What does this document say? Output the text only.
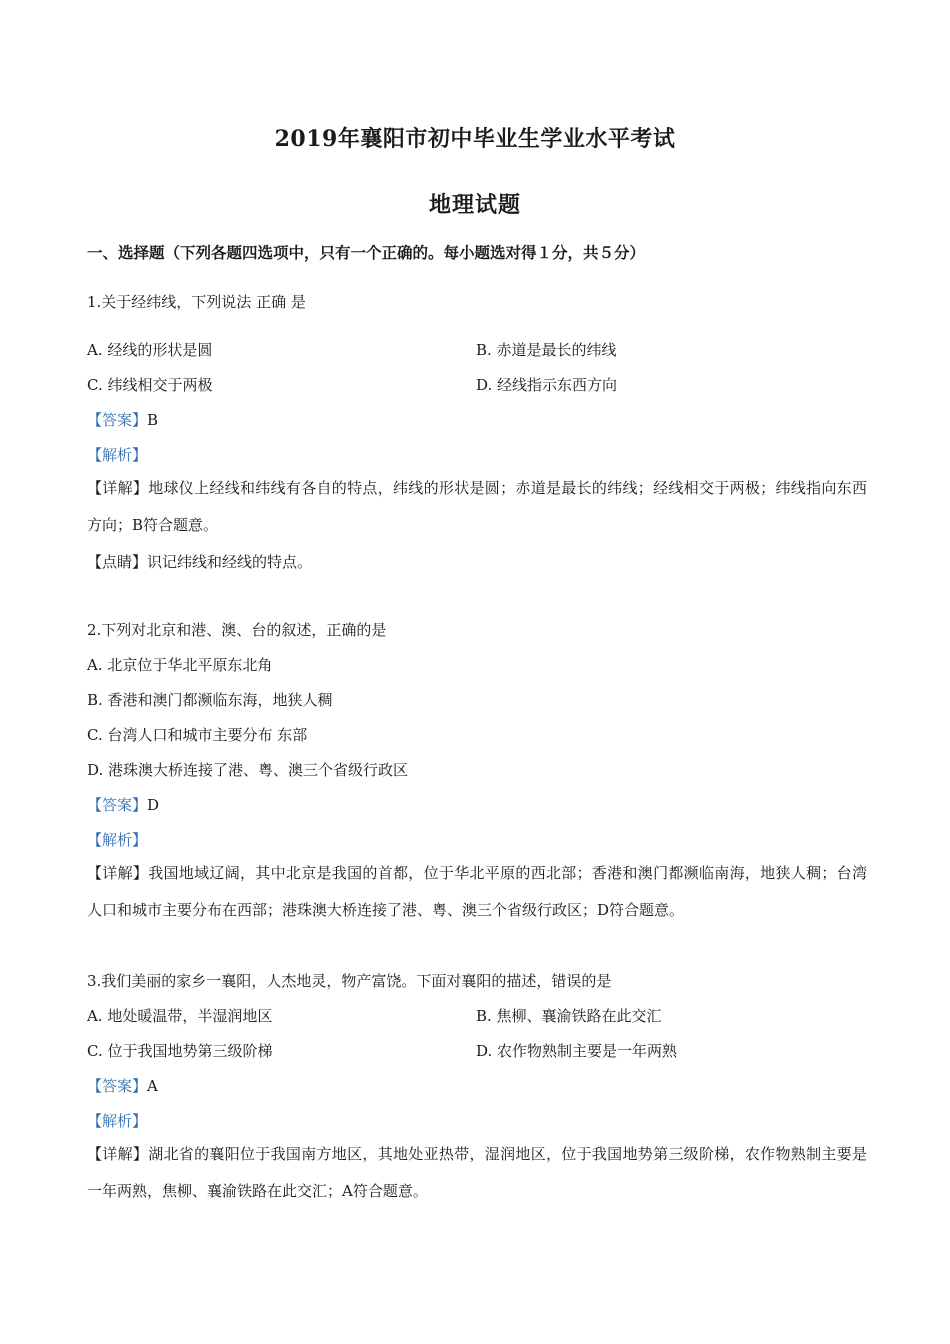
2019年襄阳市初中毕业生学业水平考试
地理试题
一、选择题（下列各题四选项中，只有一个正确的。每小题选对得１分，共５分）
1.关于经纬线，下列说法 正确 是
A. 经线的形状是圆	B. 赤道是最长的纬线
C. 纬线相交于两极	D. 经线指示东西方向
【答案】B
【解析】
【详解】地球仪上经线和纬线有各自的特点，纬线的形状是圆；赤道是最长的纬线；经线相交于两极；纬线指向东西方向；B符合题意。
【点睛】识记纬线和经线的特点。
2.下列对北京和港、澳、台的叙述，正确的是
A. 北京位于华北平原东北角
B. 香港和澳门都濒临东海，地狭人稠
C. 台湾人口和城市主要分布 东部
D. 港珠澳大桥连接了港、粤、澳三个省级行政区
【答案】D
【解析】
【详解】我国地域辽阔，其中北京是我国的首都，位于华北平原的西北部；香港和澳门都濒临南海，地狭人稠；台湾人口和城市主要分布在西部；港珠澳大桥连接了港、粤、澳三个省级行政区；D符合题意。
3.我们美丽的家乡一襄阳，人杰地灵，物产富饶。下面对襄阳的描述，错误的是
A. 地处暖温带，半湿润地区	B. 焦柳、襄渝铁路在此交汇
C. 位于我国地势第三级阶梯	D. 农作物熟制主要是一年两熟
【答案】A
【解析】
【详解】湖北省的襄阳位于我国南方地区，其地处亚热带，湿润地区，位于我国地势第三级阶梯，农作物熟制主要是一年两熟，焦柳、襄渝铁路在此交汇；A符合题意。
